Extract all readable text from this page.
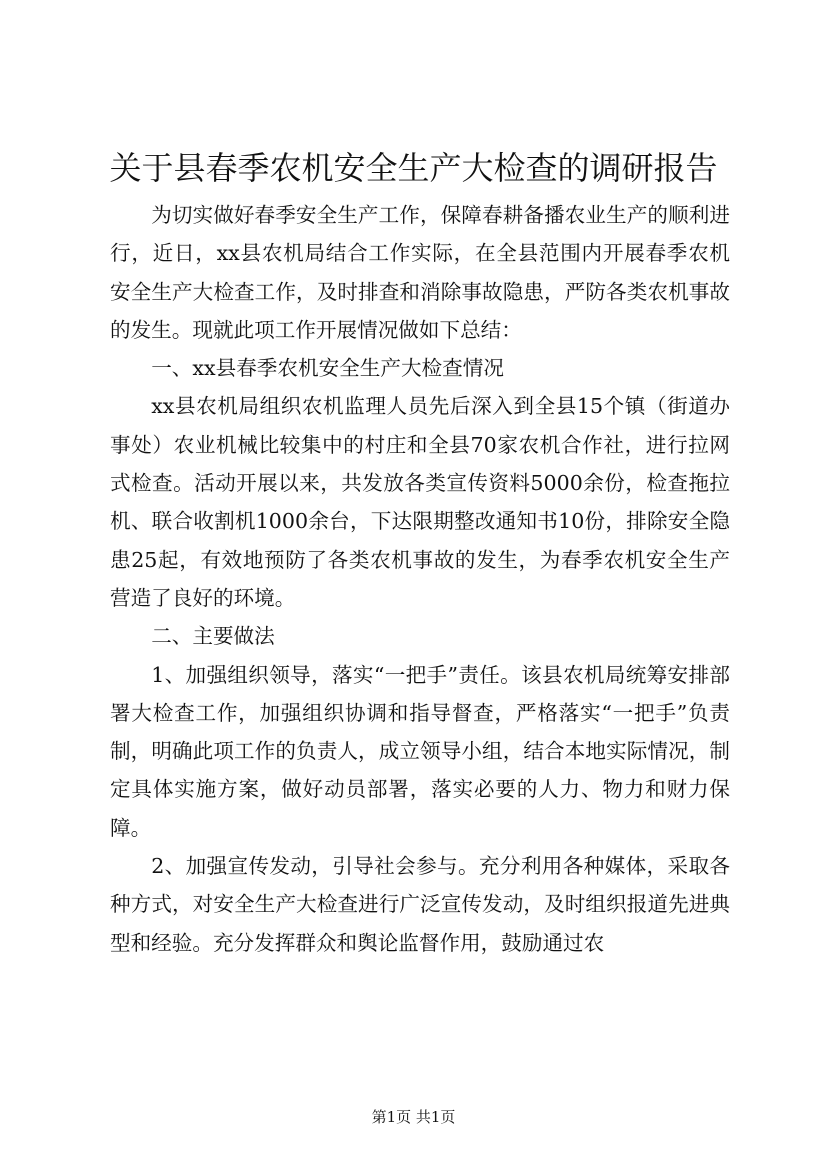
关于县春季农机安全生产大检查的调研报告

为切实做好春季安全生产工作，保障春耕备播农业生产的顺利进行，近日，xx县农机局结合工作实际，在全县范围内开展春季农机安全生产大检查工作，及时排查和消除事故隐患，严防各类农机事故的发生。现就此项工作开展情况做如下总结：

一、xx县春季农机安全生产大检查情况

xx县农机局组织农机监理人员先后深入到全县15个镇（街道办事处）农业机械比较集中的村庄和全县70家农机合作社，进行拉网式检查。活动开展以来，共发放各类宣传资料5000余份，检查拖拉机、联合收割机1000余台，下达限期整改通知书10份，排除安全隐患25起，有效地预防了各类农机事故的发生，为春季农机安全生产营造了良好的环境。

二、主要做法

1、加强组织领导，落实“一把手”责任。该县农机局统筹安排部署大检查工作，加强组织协调和指导督查，严格落实“一把手”负责制，明确此项工作的负责人，成立领导小组，结合本地实际情况，制定具体实施方案，做好动员部署，落实必要的人力、物力和财力保障。

2、加强宣传发动，引导社会参与。充分利用各种媒体，采取各种方式，对安全生产大检查进行广泛宣传发动，及时组织报道先进典型和经验。充分发挥群众和舆论监督作用，鼓励通过农

第1页 共1页
